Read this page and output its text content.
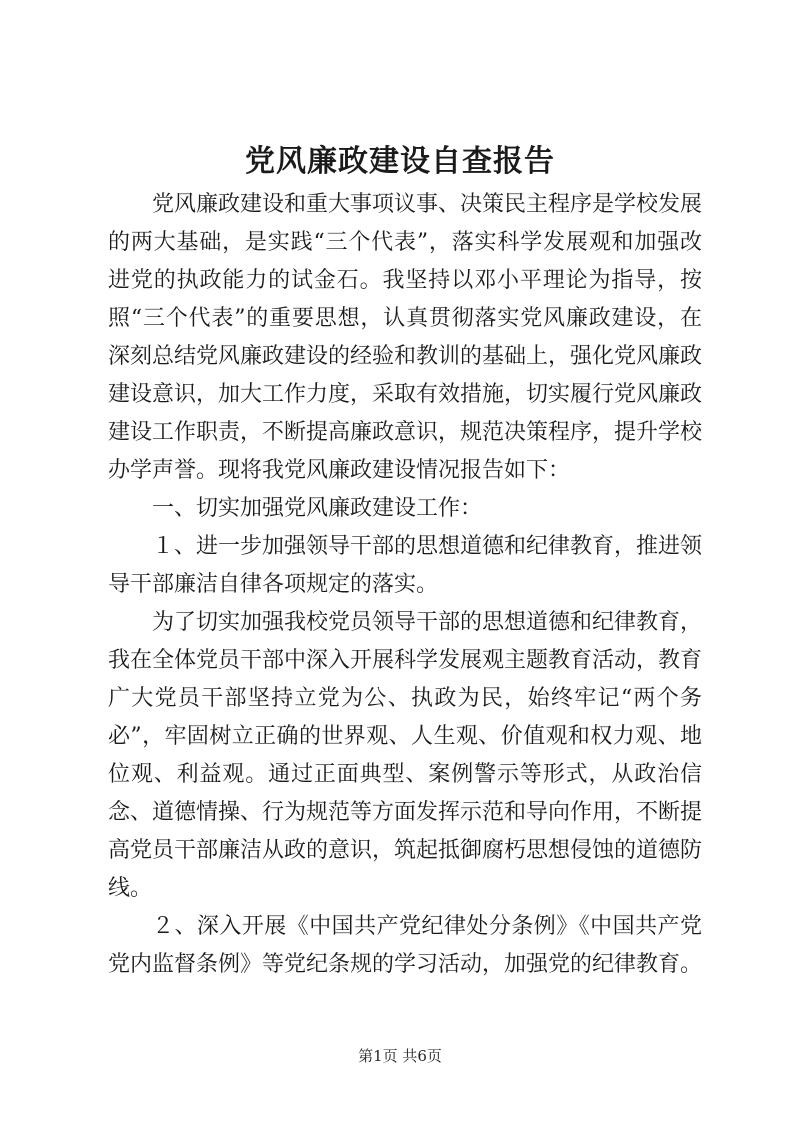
党风廉政建设自查报告

党风廉政建设和重大事项议事、决策民主程序是学校发展的两大基础，是实践“三个代表”，落实科学发展观和加强改进党的执政能力的试金石。我坚持以邓小平理论为指导，按照“三个代表”的重要思想，认真贯彻落实党风廉政建设，在深刻总结党风廉政建设的经验和教训的基础上，强化党风廉政建设意识，加大工作力度，采取有效措施，切实履行党风廉政建设工作职责，不断提高廉政意识，规范决策程序，提升学校办学声誉。现将我党风廉政建设情况报告如下：

一、切实加强党风廉政建设工作：

１、进一步加强领导干部的思想道德和纪律教育，推进领导干部廉洁自律各项规定的落实。

为了切实加强我校党员领导干部的思想道德和纪律教育，我在全体党员干部中深入开展科学发展观主题教育活动，教育广大党员干部坚持立党为公、执政为民，始终牢记“两个务必”，牢固树立正确的世界观、人生观、价值观和权力观、地位观、利益观。通过正面典型、案例警示等形式，从政治信念、道德情操、行为规范等方面发挥示范和导向作用，不断提高党员干部廉洁从政的意识，筑起抵御腐朽思想侵蚀的道德防线。

２、深入开展《中国共产党纪律处分条例》《中国共产党党内监督条例》等党纪条规的学习活动，加强党的纪律教育。

第1页 共6页
